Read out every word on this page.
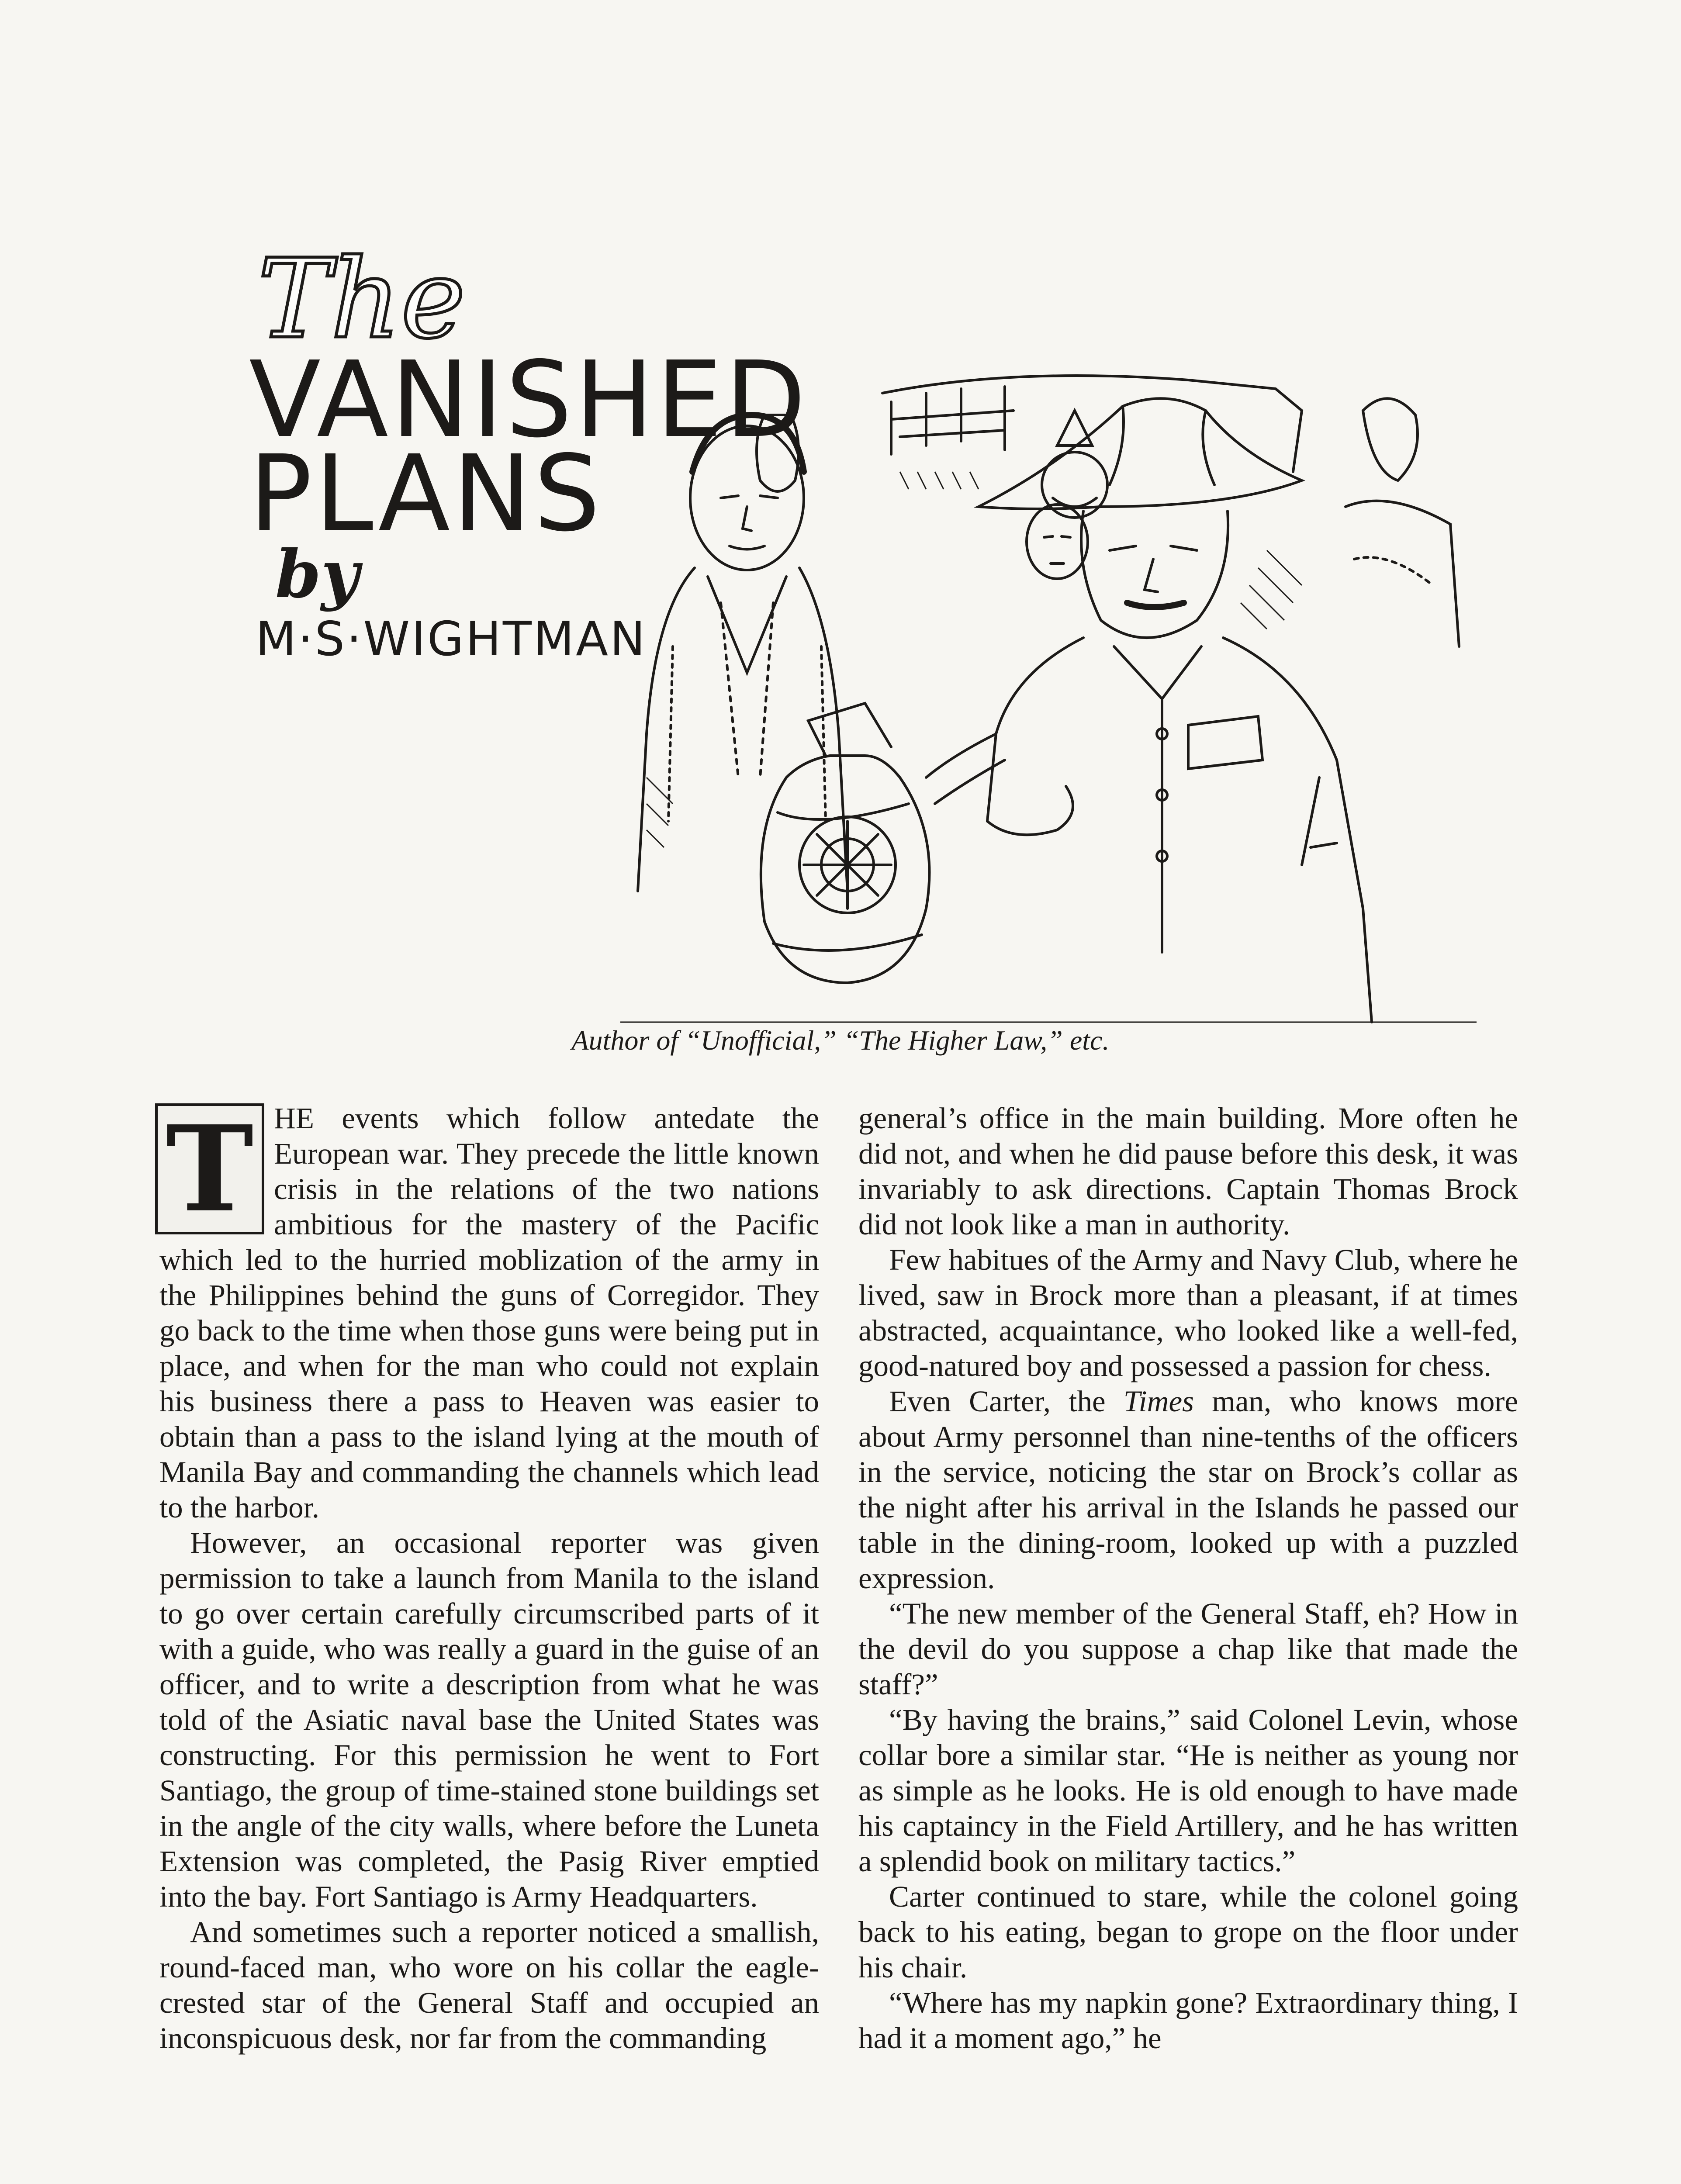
The
VANISHED
PLANS
by
M·S·WIGHTMAN
Author of “Unofficial,” “The Higher Law,” etc.

T HE events which follow antedate the European war. They precede the little known crisis in the relations of the two nations ambitious for the mastery of the Pacific which led to the hurried moblization of the army in the Philippines behind the guns of Corregidor. They go back to the time when those guns were being put in place, and when for the man who could not explain his business there a pass to Heaven was easier to obtain than a pass to the island lying at the mouth of Manila Bay and commanding the channels which lead to the harbor.

However, an occasional reporter was given permission to take a launch from Manila to the island to go over certain carefully circumscribed parts of it with a guide, who was really a guard in the guise of an officer, and to write a description from what he was told of the Asiatic naval base the United States was constructing. For this permission he went to Fort Santiago, the group of time-stained stone buildings set in the angle of the city walls, where before the Luneta Extension was completed, the Pasig River emptied into the bay. Fort Santiago is Army Headquarters.

And sometimes such a reporter noticed a smallish, round-faced man, who wore on his collar the eagle-crested star of the General Staff and occupied an inconspicuous desk, nor far from the commanding

general’s office in the main building. More often he did not, and when he did pause before this desk, it was invariably to ask directions. Captain Thomas Brock did not look like a man in authority.

Few habitues of the Army and Navy Club, where he lived, saw in Brock more than a pleasant, if at times abstracted, acquaintance, who looked like a well-fed, good-natured boy and possessed a passion for chess.

Even Carter, the Times man, who knows more about Army personnel than nine-tenths of the officers in the service, noticing the star on Brock’s collar as the night after his arrival in the Islands he passed our table in the dining-room, looked up with a puzzled expression.

“The new member of the General Staff, eh? How in the devil do you suppose a chap like that made the staff?”

“By having the brains,” said Colonel Levin, whose collar bore a similar star. “He is neither as young nor as simple as he looks. He is old enough to have made his captaincy in the Field Artillery, and he has written a splendid book on military tactics.”

Carter continued to stare, while the colonel going back to his eating, began to grope on the floor under his chair.

“Where has my napkin gone? Extraordinary thing, I had it a moment ago,” he
